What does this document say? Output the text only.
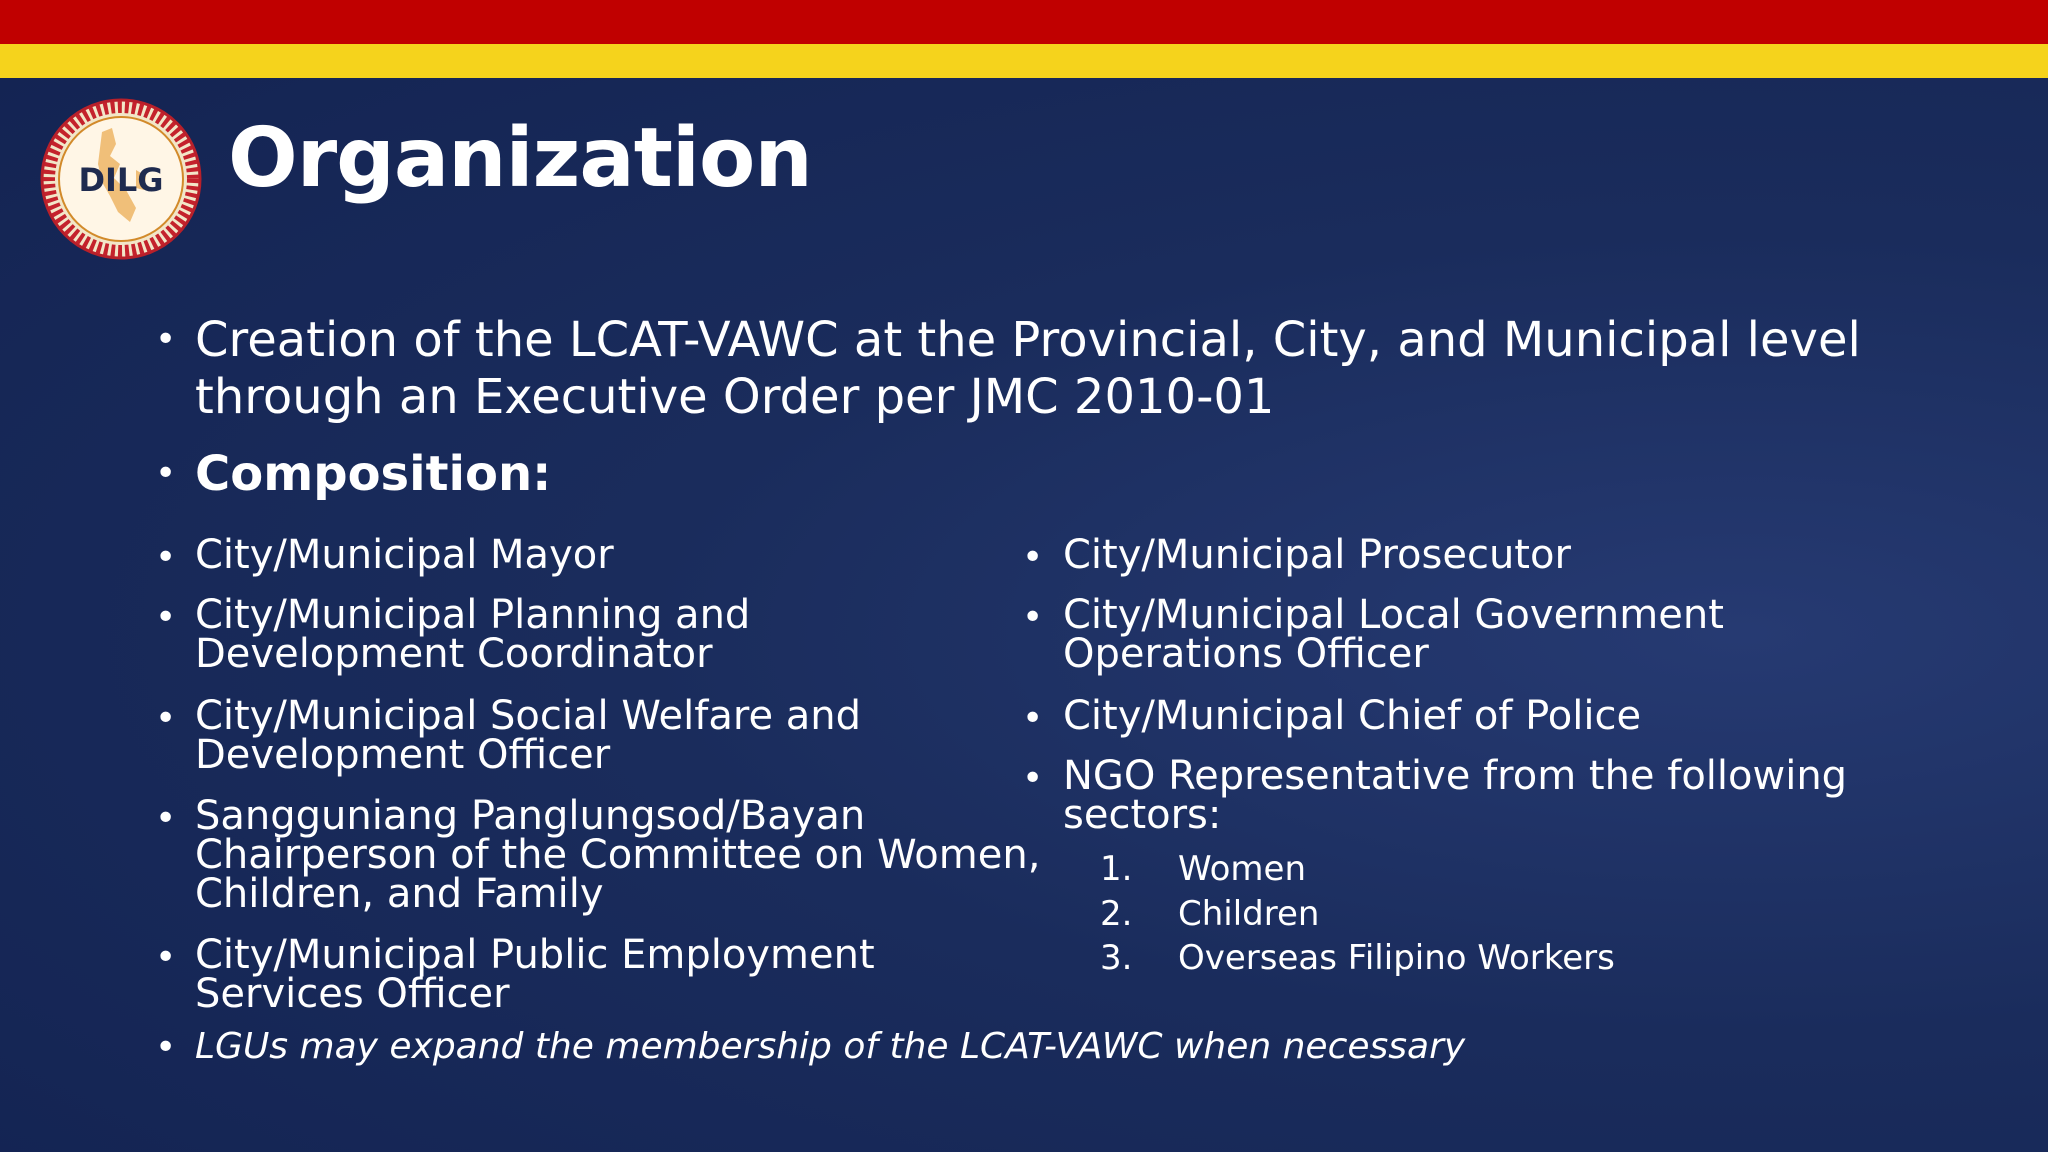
DILG Organization
• Creation of the LCAT-VAWC at the Provincial, City, and Municipal level through an Executive Order per JMC 2010-01
• Composition:
• City/Municipal Mayor
• City/Municipal Planning and Development Coordinator
• City/Municipal Social Welfare and Development Officer
• Sangguniang Panglungsod/Bayan Chairperson of the Committee on Women, Children, and Family
• City/Municipal Public Employment Services Officer
• City/Municipal Prosecutor
• City/Municipal Local Government Operations Officer
• City/Municipal Chief of Police
• NGO Representative from the following sectors:
1. Women
2. Children
3. Overseas Filipino Workers
• LGUs may expand the membership of the LCAT-VAWC when necessary
